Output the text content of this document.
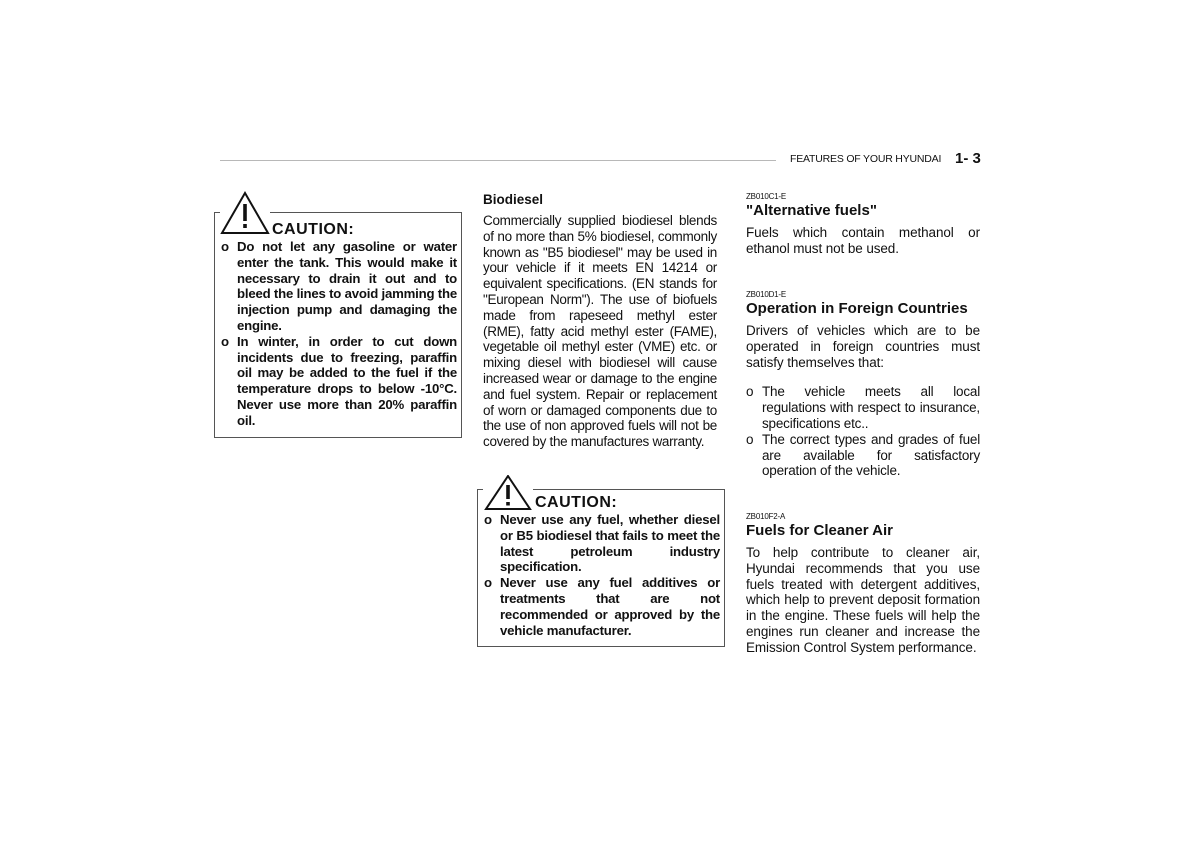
FEATURES OF YOUR HYUNDAI 1- 3
CAUTION:
o Do not let any gasoline or water enter the tank. This would make it necessary to drain it out and to bleed the lines to avoid jamming the injection pump and damaging the engine.
o In winter, in order to cut down incidents due to freezing, paraffin oil may be added to the fuel if the temperature drops to below -10°C. Never use more than 20% paraffin oil.
Biodiesel

Commercially supplied biodiesel blends of no more than 5% biodiesel, commonly known as "B5 biodiesel" may be used in your vehicle if it meets EN 14214 or equivalent specifications. (EN stands for "European Norm"). The use of biofuels made from rapeseed methyl ester (RME), fatty acid methyl ester (FAME), vegetable oil methyl ester (VME) etc. or mixing diesel with biodiesel will cause increased wear or damage to the engine and fuel system. Repair or replacement of worn or damaged components due to the use of non approved fuels will not be covered by the manufactures warranty.

CAUTION:
o Never use any fuel, whether diesel or B5 biodiesel that fails to meet the latest petroleum industry specification.
o Never use any fuel additives or treatments that are not recommended or approved by the vehicle manufacturer.
ZB010C1-E
"Alternative fuels"

Fuels which contain methanol or ethanol must not be used.

ZB010D1-E
Operation in Foreign Countries

Drivers of vehicles which are to be operated in foreign countries must satisfy themselves that:

o The vehicle meets all local regulations with respect to insurance, specifications etc..
o The correct types and grades of fuel are available for satisfactory operation of the vehicle.
ZB010F2-A
Fuels for Cleaner Air

To help contribute to cleaner air, Hyundai recommends that you use fuels treated with detergent additives, which help to prevent deposit formation in the engine. These fuels will help the engines run cleaner and increase the Emission Control System performance.
